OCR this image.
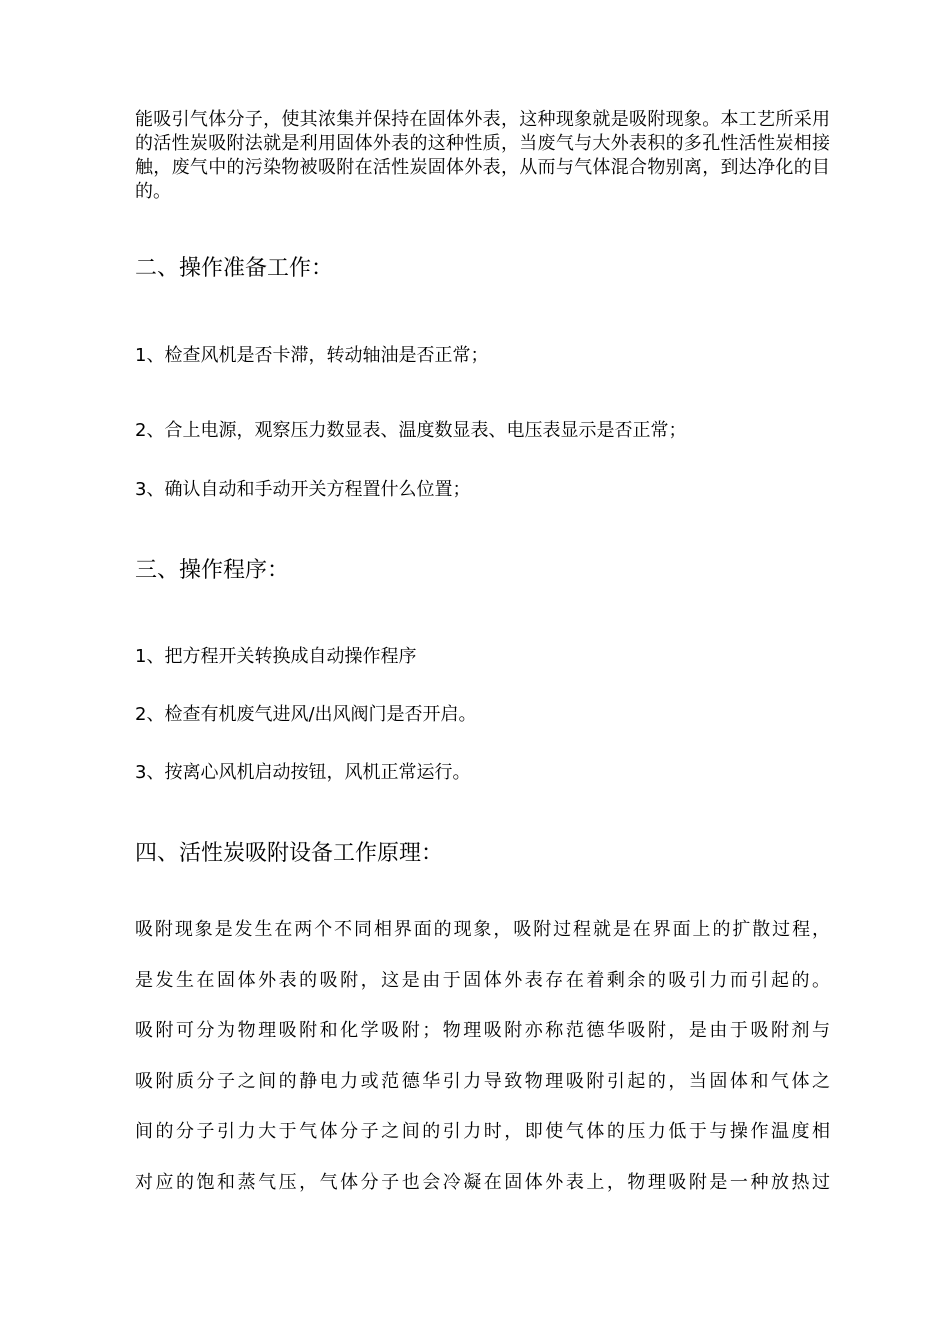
能吸引气体分子，使其浓集并保持在固体外表，这种现象就是吸附现象。本工艺所采用的活性炭吸附法就是利用固体外表的这种性质，当废气与大外表积的多孔性活性炭相接触，废气中的污染物被吸附在活性炭固体外表，从而与气体混合物别离，到达净化的目的。

二、操作准备工作：

1、检查风机是否卡滞，转动轴油是否正常；

2、合上电源，观察压力数显表、温度数显表、电压表显示是否正常；

3、确认自动和手动开关方程置什么位置；

三、操作程序：

1、把方程开关转换成自动操作程序

2、检查有机废气进风/出风阀门是否开启。

3、按离心风机启动按钮，风机正常运行。

四、活性炭吸附设备工作原理：

吸附现象是发生在两个不同相界面的现象，吸附过程就是在界面上的扩散过程，

是发生在固体外表的吸附，这是由于固体外表存在着剩余的吸引力而引起的。

吸附可分为物理吸附和化学吸附；物理吸附亦称范德华吸附，是由于吸附剂与

吸附质分子之间的静电力或范德华引力导致物理吸附引起的，当固体和气体之

间的分子引力大于气体分子之间的引力时，即使气体的压力低于与操作温度相

对应的饱和蒸气压，气体分子也会冷凝在固体外表上，物理吸附是一种放热过
